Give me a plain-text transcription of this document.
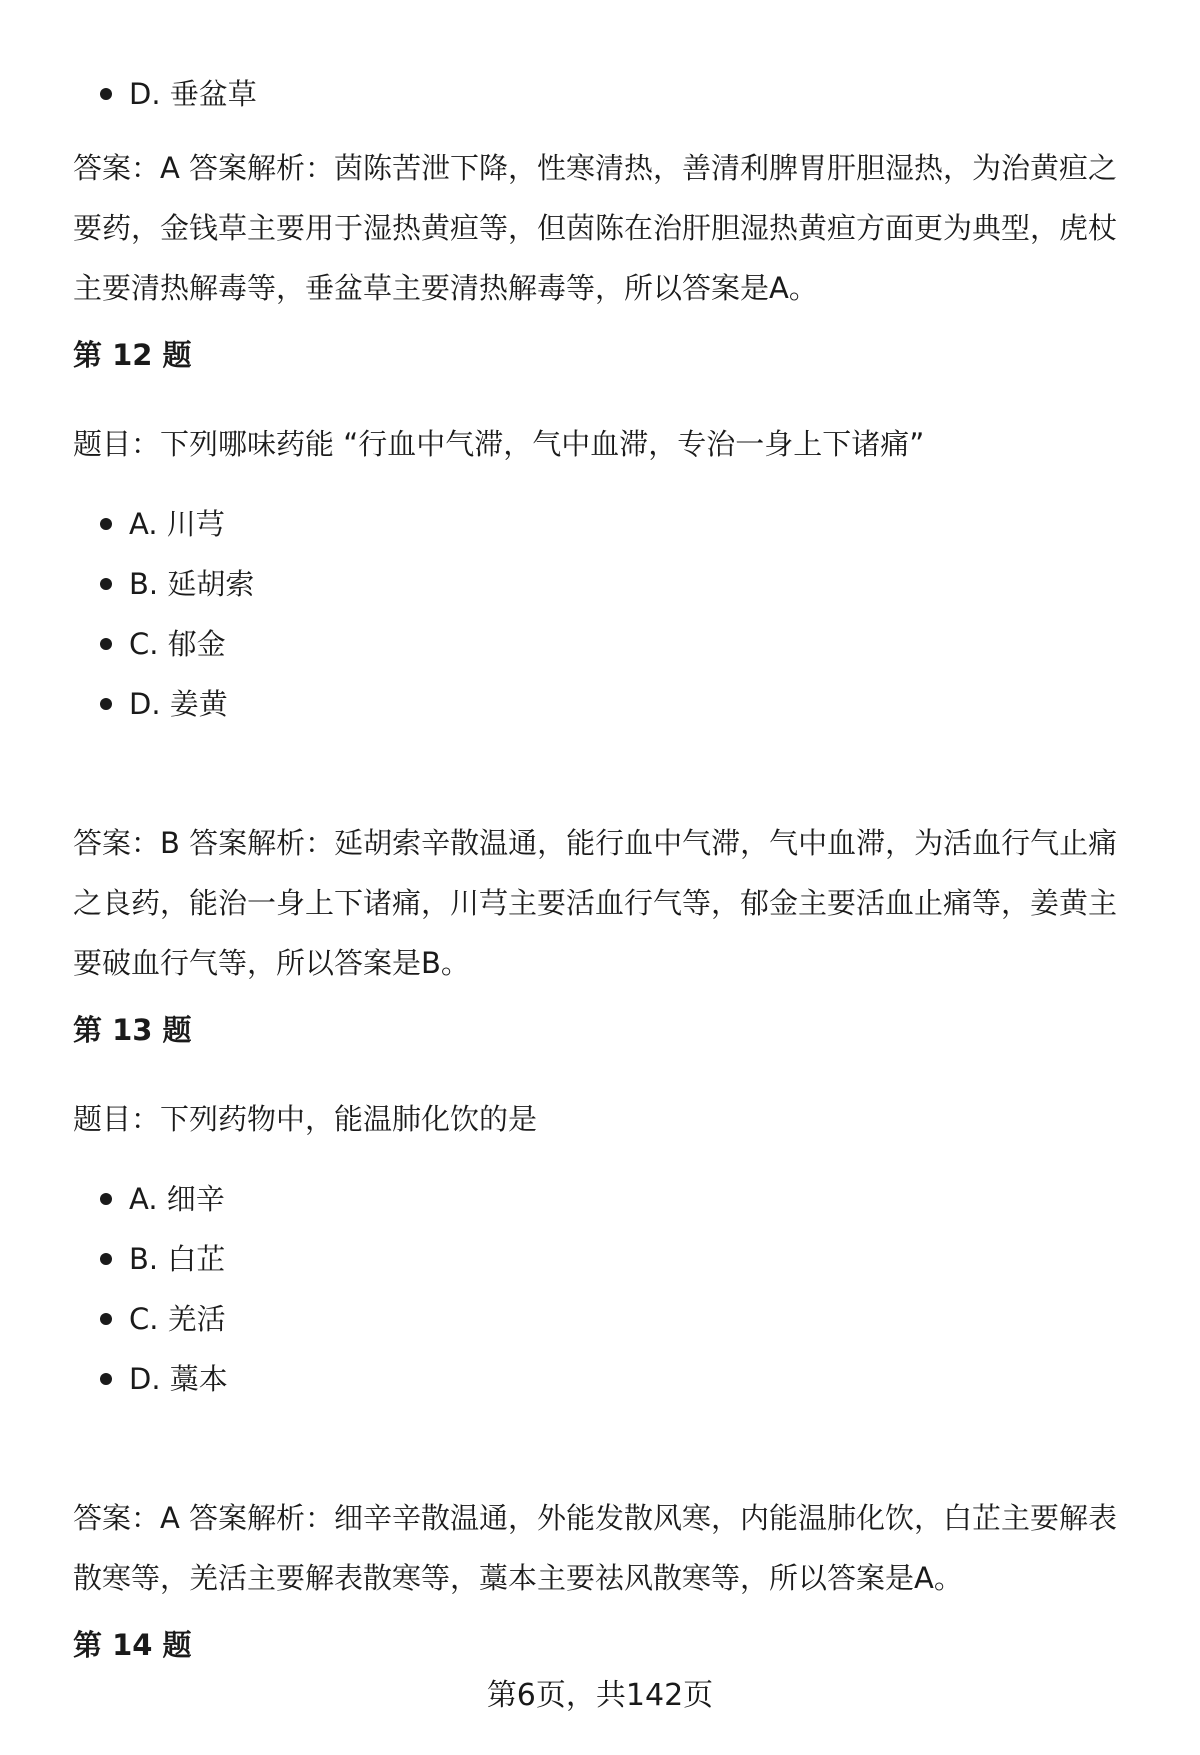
D. 垂盆草

答案：A 答案解析：茵陈苦泄下降，性寒清热，善清利脾胃肝胆湿热，为治黄疸之要药，金钱草主要用于湿热黄疸等，但茵陈在治肝胆湿热黄疸方面更为典型，虎杖主要清热解毒等，垂盆草主要清热解毒等，所以答案是A。

第 12 题

题目：下列哪味药能 “行血中气滞，气中血滞，专治一身上下诸痛”

A. 川芎
B. 延胡索
C. 郁金
D. 姜黄

答案：B 答案解析：延胡索辛散温通，能行血中气滞，气中血滞，为活血行气止痛之良药，能治一身上下诸痛，川芎主要活血行气等，郁金主要活血止痛等，姜黄主要破血行气等，所以答案是B。

第 13 题

题目：下列药物中，能温肺化饮的是

A. 细辛
B. 白芷
C. 羌活
D. 藁本

答案：A 答案解析：细辛辛散温通，外能发散风寒，内能温肺化饮，白芷主要解表散寒等，羌活主要解表散寒等，藁本主要祛风散寒等，所以答案是A。

第 14 题

第6页，共142页
